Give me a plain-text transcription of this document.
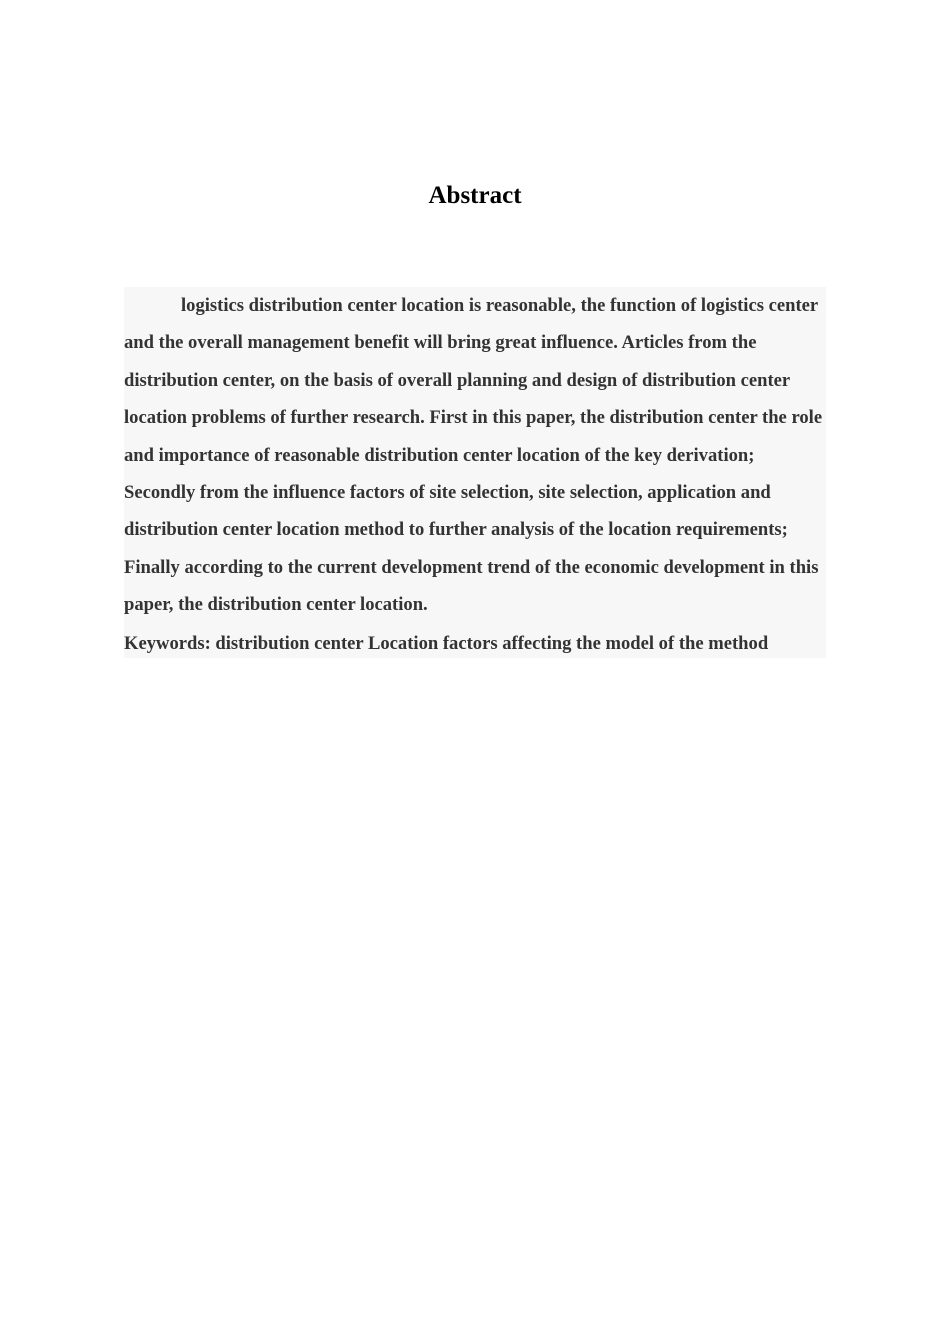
Abstract

logistics distribution center location is reasonable, the function of logistics center and the overall management benefit will bring great influence. Articles from the distribution center, on the basis of overall planning and design of distribution center location problems of further research. First in this paper, the distribution center the role and importance of reasonable distribution center location of the key derivation; Secondly from the influence factors of site selection, site selection, application and distribution center location method to further analysis of the location requirements; Finally according to the current development trend of the economic development in this paper, the distribution center location.

Keywords: distribution center Location factors affecting the model of the method
